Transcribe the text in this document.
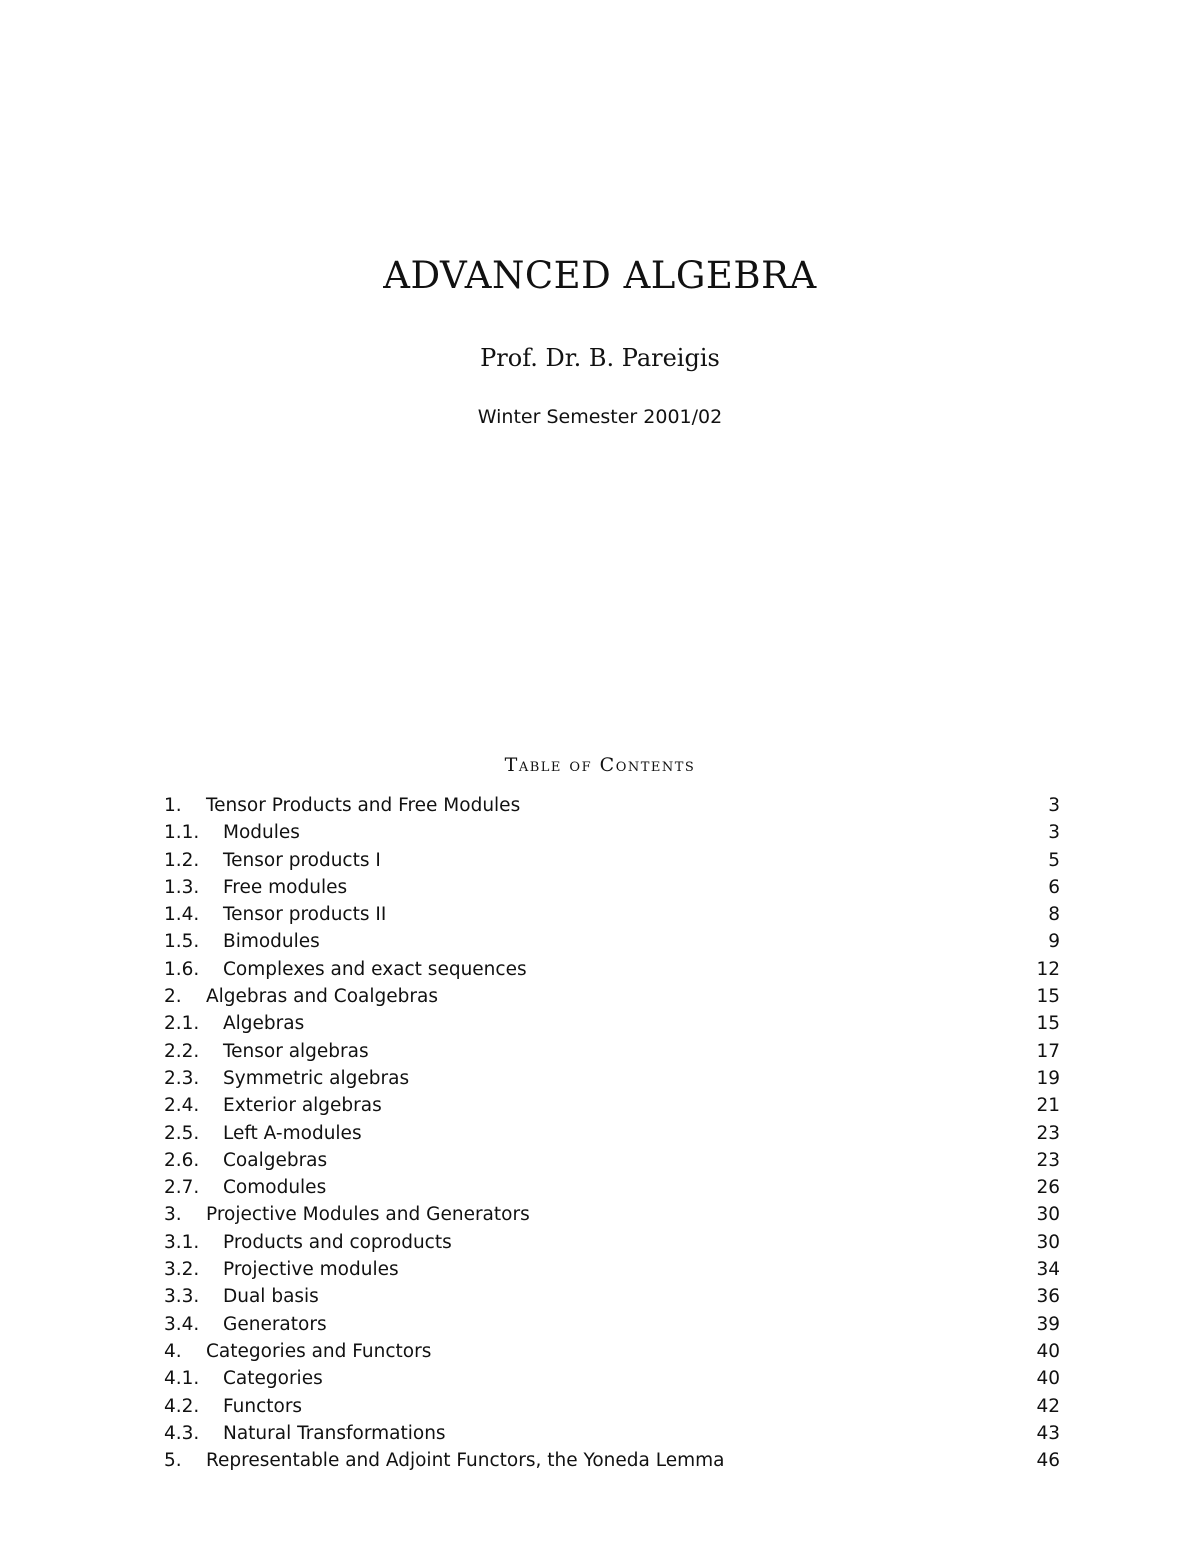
ADVANCED ALGEBRA
Prof. Dr. B. Pareigis
Winter Semester 2001/02
Table of Contents
1. Tensor Products and Free Modules	3
1.1. Modules	3
1.2. Tensor products I	5
1.3. Free modules	6
1.4. Tensor products II	8
1.5. Bimodules	9
1.6. Complexes and exact sequences	12
2. Algebras and Coalgebras	15
2.1. Algebras	15
2.2. Tensor algebras	17
2.3. Symmetric algebras	19
2.4. Exterior algebras	21
2.5. Left A-modules	23
2.6. Coalgebras	23
2.7. Comodules	26
3. Projective Modules and Generators	30
3.1. Products and coproducts	30
3.2. Projective modules	34
3.3. Dual basis	36
3.4. Generators	39
4. Categories and Functors	40
4.1. Categories	40
4.2. Functors	42
4.3. Natural Transformations	43
5. Representable and Adjoint Functors, the Yoneda Lemma	46
